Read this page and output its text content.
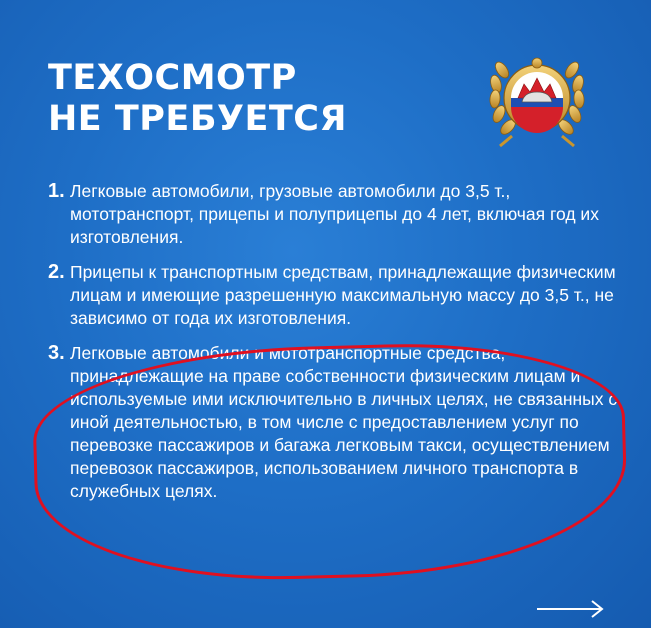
ТЕХОСМОТР
НЕ ТРЕБУЕТСЯ
1. Легковые автомобили, грузовые автомобили до 3,5 т., мототранспорт, прицепы и полуприцепы до 4 лет, включая год их изготовления.
2. Прицепы к транспортным средствам, принадлежащие физическим лицам и имеющие разрешенную максимальную массу до 3,5 т., не зависимо от года их изготовления.
3. Легковые автомобили и мототранспортные средства, принадлежащие на праве собственности физическим лицам и используемые ими исключительно в личных целях, не связанных с иной деятельностью, в том числе с предоставлением услуг по перевозке пассажиров и багажа легковым такси, осуществлением перевозок пассажиров, использованием личного транспорта в служебных целях.
